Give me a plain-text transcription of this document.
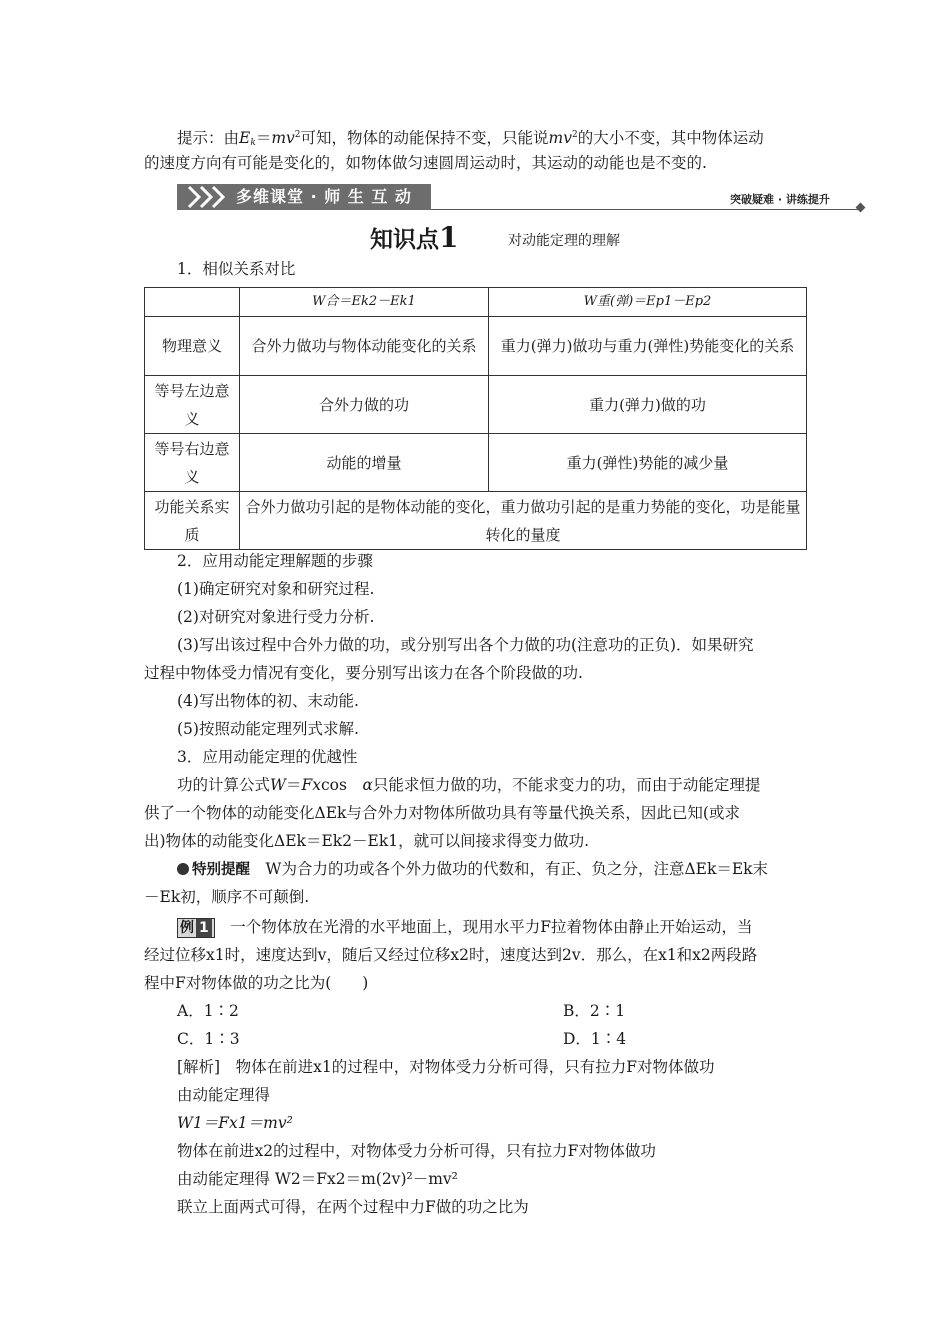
提示：由$E_k=mv^2$可知，物体的动能保持不变，只能说$mv^2$的大小不变，其中物体运动
的速度方向有可能是变化的，如物体做匀速圆周运动时，其运动的动能也是不变的.
多维课堂 · 师 生 互 动	突破疑难 · 讲练提升
知识点1	对动能定理的理解
1．相似关系对比
	W合＝Ek2－Ek1	W重(弹)＝Ep1－Ep2
物理意义	合外力做功与物体动能变化的关系	重力(弹力)做功与重力(弹性)势能变化的关系
等号左边意义	合外力做的功	重力(弹力)做的功
等号右边意义	动能的增量	重力(弹性)势能的减少量
功能关系实质	合外力做功引起的是物体动能的变化，重力做功引起的是重力势能的变化，功是能量转化的量度	
2．应用动能定理解题的步骤
(1)确定研究对象和研究过程.
(2)对研究对象进行受力分析.
(3)写出该过程中合外力做的功，或分别写出各个力做的功(注意功的正负)．如果研究
过程中物体受力情况有变化，要分别写出该力在各个阶段做的功.
(4)写出物体的初、末动能.
(5)按照动能定理列式求解.
3．应用动能定理的优越性
功的计算公式W＝Fxcos　α只能求恒力做的功，不能求变力的功，而由于动能定理提
供了一个物体的动能变化ΔEk与合外力对物体所做功具有等量代换关系，因此已知(或求
出)物体的动能变化ΔEk＝Ek2－Ek1，就可以间接求得变力做功.
特别提醒　 W为合力的功或各个外力做功的代数和，有正、负之分，注意ΔEk＝Ek末
－Ek初，顺序不可颠倒.
例 1　 一个物体放在光滑的水平地面上，现用水平力F拉着物体由静止开始运动，当
经过位移x1时，速度达到v，随后又经过位移x2时，速度达到2v．那么，在x1和x2两段路
程中F对物体做的功之比为(　　)
A．1∶2	B．2∶1
C．1∶3	D．1∶4
[解析]　物体在前进x1的过程中，对物体受力分析可得，只有拉力F对物体做功
由动能定理得
W1＝Fx1＝mv²
物体在前进x2的过程中，对物体受力分析可得，只有拉力F对物体做功
由动能定理得 W2＝Fx2＝m(2v)²－mv²
联立上面两式可得，在两个过程中力F做的功之比为
